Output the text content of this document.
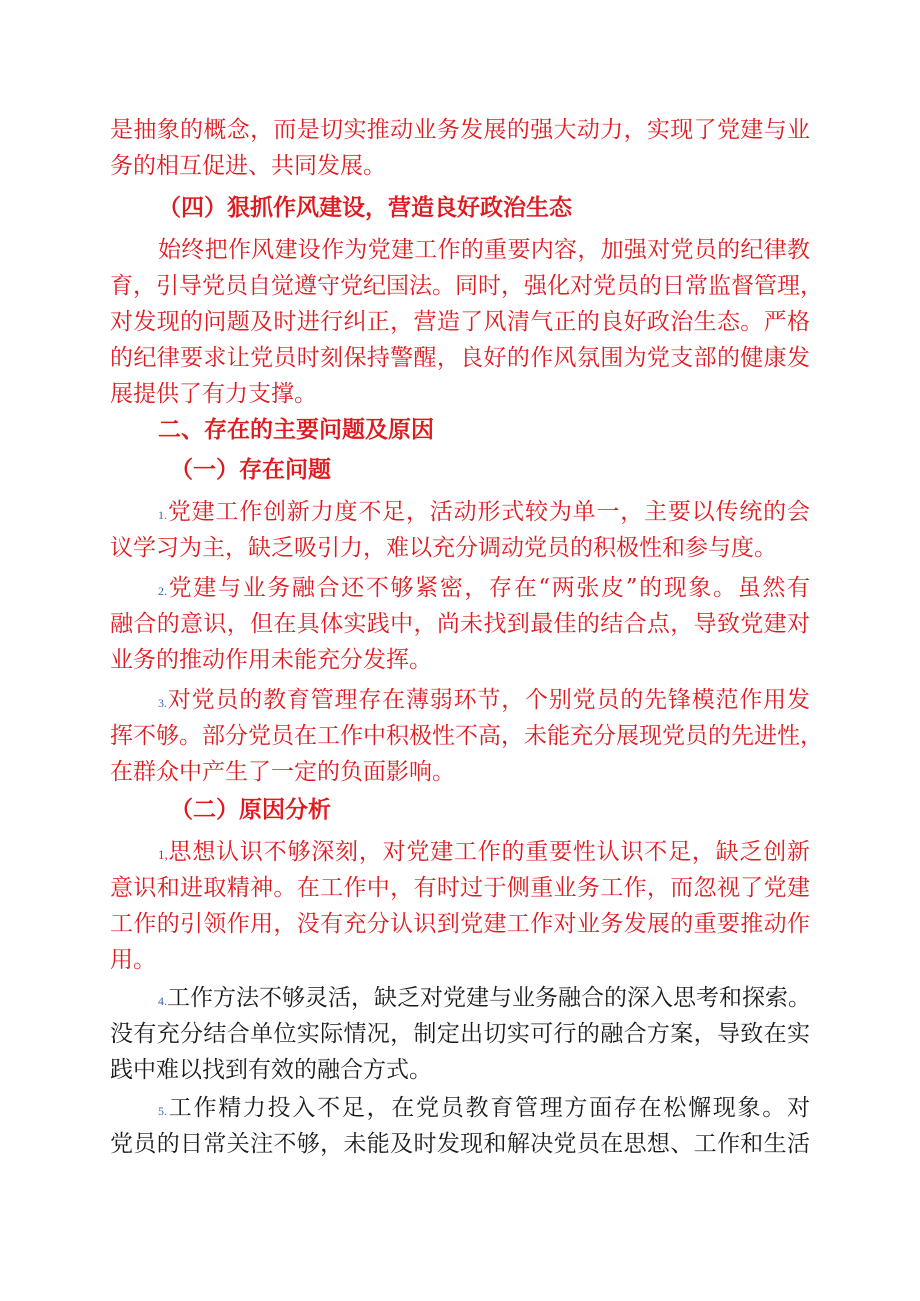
是抽象的概念，而是切实推动业务发展的强大动力，实现了党建与业
务的相互促进、共同发展。
（四）狠抓作风建设，营造良好政治生态
始终把作风建设作为党建工作的重要内容，加强对党员的纪律教
育，引导党员自觉遵守党纪国法。同时，强化对党员的日常监督管理，
对发现的问题及时进行纠正，营造了风清气正的良好政治生态。严格
的纪律要求让党员时刻保持警醒，良好的作风氛围为党支部的健康发
展提供了有力支撑。
二、存在的主要问题及原因
（一）存在问题
1.党建工作创新力度不足，活动形式较为单一，主要以传统的会
议学习为主，缺乏吸引力，难以充分调动党员的积极性和参与度。
2.党建与业务融合还不够紧密，存在“两张皮”的现象。虽然有
融合的意识，但在具体实践中，尚未找到最佳的结合点，导致党建对
业务的推动作用未能充分发挥。
3.对党员的教育管理存在薄弱环节，个别党员的先锋模范作用发
挥不够。部分党员在工作中积极性不高，未能充分展现党员的先进性，
在群众中产生了一定的负面影响。
（二）原因分析
1,思想认识不够深刻，对党建工作的重要性认识不足，缺乏创新
意识和进取精神。在工作中，有时过于侧重业务工作，而忽视了党建
工作的引领作用，没有充分认识到党建工作对业务发展的重要推动作
用。
4.工作方法不够灵活，缺乏对党建与业务融合的深入思考和探索。
没有充分结合单位实际情况，制定出切实可行的融合方案，导致在实
践中难以找到有效的融合方式。
5.工作精力投入不足，在党员教育管理方面存在松懈现象。对
党员的日常关注不够，未能及时发现和解决党员在思想、工作和生活
